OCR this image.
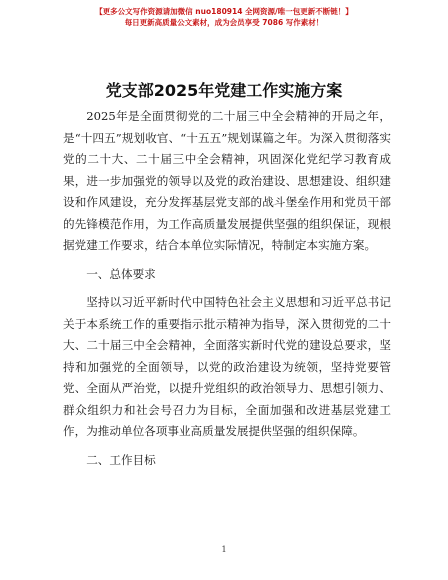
【更多公文写作资源请加微信 nuo180914 全网资源/唯一包更新不断链！】
每日更新高质量公文素材，成为会员享受 7086 写作素材！
党支部2025年党建工作实施方案

2025年是全面贯彻党的二十届三中全会精神的开局之年，是“十四五”规划收官、“十五五”规划谋篇之年。为深入贯彻落实党的二十大、二十届三中全会精神，巩固深化党纪学习教育成果，进一步加强党的领导以及党的政治建设、思想建设、组织建设和作风建设，充分发挥基层党支部的战斗堡垒作用和党员干部的先锋模范作用，为工作高质量发展提供坚强的组织保证，现根据党建工作要求，结合本单位实际情况，特制定本实施方案。

一、总体要求

坚持以习近平新时代中国特色社会主义思想和习近平总书记关于本系统工作的重要指示批示精神为指导，深入贯彻党的二十大、二十届三中全会精神，全面落实新时代党的建设总要求，坚持和加强党的全面领导，以党的政治建设为统领，坚持党要管党、全面从严治党，以提升党组织的政治领导力、思想引领力、群众组织力和社会号召力为目标，全面加强和改进基层党建工作，为推动单位各项事业高质量发展提供坚强的组织保障。

二、工作目标

1
